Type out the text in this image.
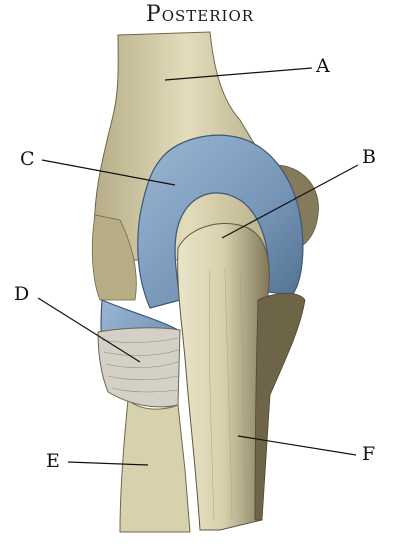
Posterior
A
B
C
D
E	F
